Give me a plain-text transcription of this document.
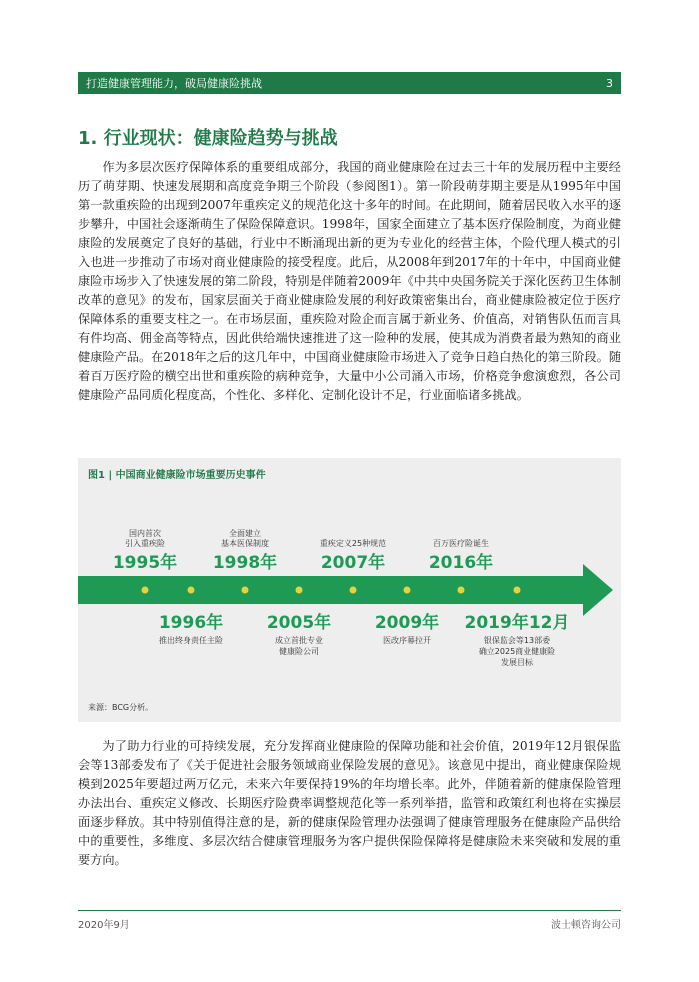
打造健康管理能力，破局健康险挑战	3
1. 行业现状：健康险趋势与挑战

作为多层次医疗保障体系的重要组成部分，我国的商业健康险在过去三十年的发展历程中主要经历了萌芽期、快速发展期和高度竞争期三个阶段（参阅图1）。第一阶段萌芽期主要是从1995年中国第一款重疾险的出现到2007年重疾定义的规范化这十多年的时间。在此期间，随着居民收入水平的逐步攀升，中国社会逐渐萌生了保险保障意识。1998年，国家全面建立了基本医疗保险制度，为商业健康险的发展奠定了良好的基础，行业中不断涌现出新的更为专业化的经营主体，个险代理人模式的引入也进一步推动了市场对商业健康险的接受程度。此后，从2008年到2017年的十年中，中国商业健康险市场步入了快速发展的第二阶段，特别是伴随着2009年《中共中央国务院关于深化医药卫生体制改革的意见》的发布，国家层面关于商业健康险发展的利好政策密集出台，商业健康险被定位于医疗保障体系的重要支柱之一。在市场层面，重疾险对险企而言属于新业务、价值高，对销售队伍而言具有件均高、佣金高等特点，因此供给端快速推进了这一险种的发展，使其成为消费者最为熟知的商业健康险产品。在2018年之后的这几年中，中国商业健康险市场进入了竞争日趋白热化的第三阶段。随着百万医疗险的横空出世和重疾险的病种竞争，大量中小公司涌入市场，价格竞争愈演愈烈，各公司健康险产品同质化程度高，个性化、多样化、定制化设计不足，行业面临诸多挑战。

图1 | 中国商业健康险市场重要历史事件
国内首次
引入重疾险
1995年
全面建立
基本医保制度
1998年
重疾定义25种规范
2007年
百万医疗险诞生
2016年
1996年
推出终身责任主险
2005年
成立首批专业
健康险公司
2009年
医改序幕拉开
2019年12月
银保监会等13部委
确立2025商业健康险
发展目标
来源：BCG分析。

为了助力行业的可持续发展，充分发挥商业健康险的保障功能和社会价值，2019年12月银保监会等13部委发布了《关于促进社会服务领域商业保险发展的意见》。该意见中提出，商业健康保险规模到2025年要超过两万亿元，未来六年要保持19%的年均增长率。此外，伴随着新的健康保险管理办法出台、重疾定义修改、长期医疗险费率调整规范化等一系列举措，监管和政策红利也将在实操层面逐步释放。其中特别值得注意的是，新的健康保险管理办法强调了健康管理服务在健康险产品供给中的重要性，多维度、多层次结合健康管理服务为客户提供保险保障将是健康险未来突破和发展的重要方向。

2020年9月	波士顿咨询公司
